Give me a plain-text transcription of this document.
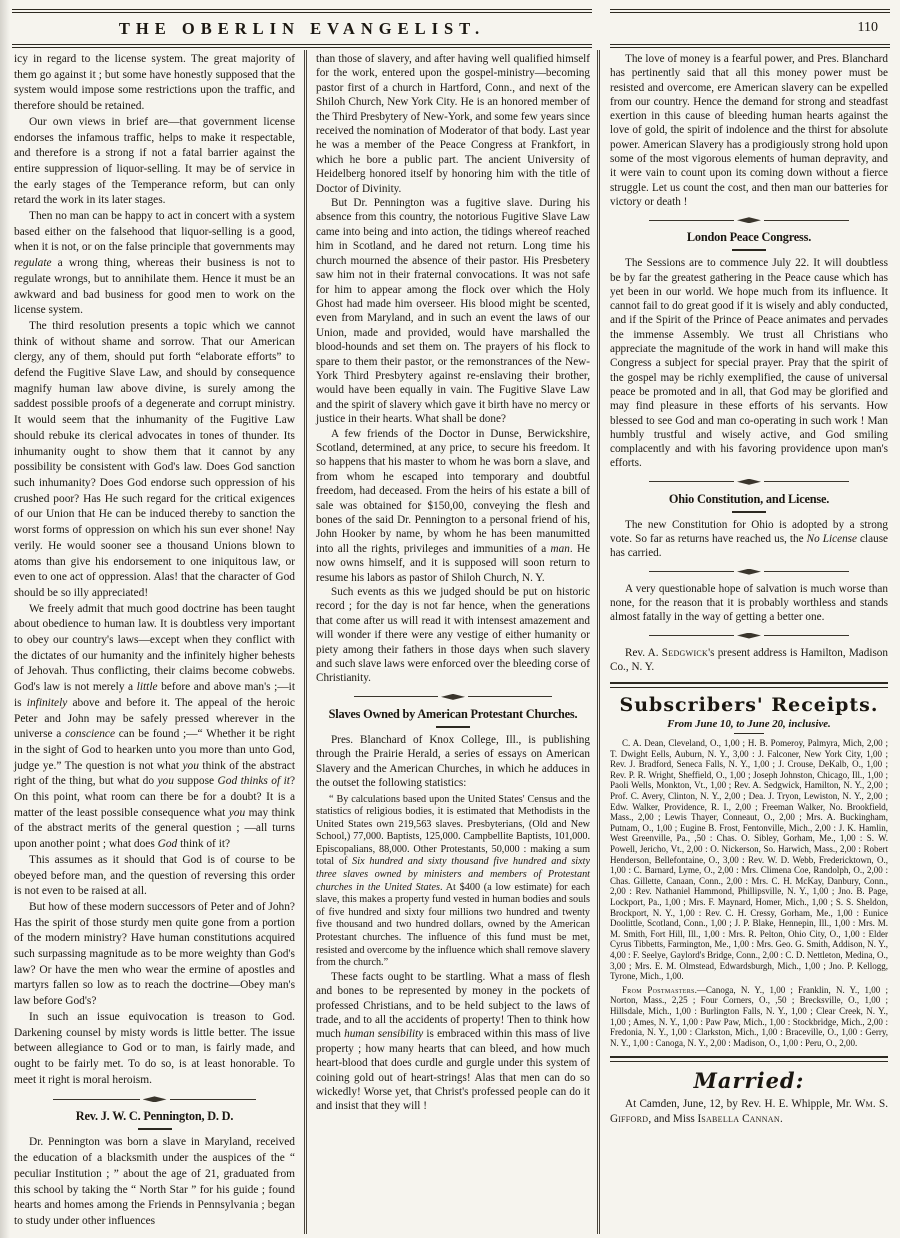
THE OBERLIN EVANGELIST.	110

icy in regard to the license system. The great majority of them go against it ; but some have honestly supposed that the system would impose some restrictions upon the traffic, and therefore should be retained.

Our own views in brief are—that government license endorses the infamous traffic, helps to make it respectable, and therefore is a strong if not a fatal barrier against the entire suppression of liquor-selling. It may be of service in the early stages of the Temperance reform, but can only retard the work in its later stages.

Then no man can be happy to act in concert with a system based either on the falsehood that liquor-selling is a good, when it is not, or on the false principle that governments may regulate a wrong thing, whereas their business is not to regulate wrongs, but to annihilate them. Hence it must be an awkward and bad business for good men to work on the license system.

The third resolution presents a topic which we cannot think of without shame and sorrow. That our American clergy, any of them, should put forth “elaborate efforts” to defend the Fugitive Slave Law, and should by consequence magnify human law above divine, is surely among the saddest possible proofs of a degenerate and corrupt ministry. It would seem that the inhumanity of the Fugitive Law should rebuke its clerical advocates in tones of thunder. Its inhumanity ought to show them that it cannot by any possibility be consistent with God's law. Does God sanction such inhumanity? Does God endorse such oppression of his crushed poor? Has He such regard for the critical exigences of our Union that He can be induced thereby to sanction the worst forms of oppression on which his sun ever shone! Nay verily. He would sooner see a thousand Unions blown to atoms than give his endorsement to one iniquitous law, or even to one act of oppression. Alas! that the character of God should be so illy appreciated!

We freely admit that much good doctrine has been taught about obedience to human law. It is doubtless very important to obey our country's laws—except when they conflict with the dictates of our humanity and the infinitely higher behests of Jehovah. Thus conflicting, their claims become cobwebs. God's law is not merely a little before and above man's ;—it is infinitely above and before it. The appeal of the heroic Peter and John may be safely pressed wherever in the universe a conscience can be found ;—“ Whether it be right in the sight of God to hearken unto you more than unto God, judge ye.” The question is not what you think of the abstract right of the thing, but what do you suppose God thinks of it? On this point, what room can there be for a doubt? It is a matter of the least possible consequence what you may think of the abstract merits of the general question ; —all turns upon another point ; what does God think of it?

This assumes as it should that God is of course to be obeyed before man, and the question of reversing this order is not even to be raised at all.

But how of these modern successors of Peter and of John? Has the spirit of those sturdy men quite gone from a portion of the modern ministry? Have human constitutions acquired such surpassing magnitude as to be more weighty than God's law? Or have the men who wear the ermine of apostles and martyrs fallen so low as to reach the doctrine—Obey man's law before God's?

In such an issue equivocation is treason to God. Darkening counsel by misty words is little better. The issue between allegiance to God or to man, is fairly made, and ought to be fairly met. To do so, is at least honorable. To meet it right is moral heroism.

Rev. J. W. C. Pennington, D. D.

Dr. Pennington was born a slave in Maryland, received the education of a blacksmith under the auspices of the “ peculiar Institution ; ” about the age of 21, graduated from this school by taking the “ North Star ” for his guide ; found hearts and homes among the Friends in Pennsylvania ; began to study under other influences

than those of slavery, and after having well qualified himself for the work, entered upon the gospel-ministry—becoming pastor first of a church in Hartford, Conn., and next of the Shiloh Church, New York City. He is an honored member of the Third Presbytery of New-York, and some few years since received the nomination of Moderator of that body. Last year he was a member of the Peace Congress at Frankfort, in which he bore a public part. The ancient University of Heidelberg honored itself by honoring him with the title of Doctor of Divinity.

But Dr. Pennington was a fugitive slave. During his absence from this country, the notorious Fugitive Slave Law came into being and into action, the tidings whereof reached him in Scotland, and he dared not return. Long time his church mourned the absence of their pastor. His Presbetery saw him not in their fraternal convocations. It was not safe for him to appear among the flock over which the Holy Ghost had made him overseer. His blood might be scented, even from Maryland, and in such an event the laws of our Union, made and provided, would have marshalled the blood-hounds and set them on. The prayers of his flock to spare to them their pastor, or the remonstrances of the New-York Third Presbytery against re-enslaving their brother, would have been equally in vain. The Fugitive Slave Law and the spirit of slavery which gave it birth have no mercy or justice in their hearts. What shall be done?

A few friends of the Doctor in Dunse, Berwickshire, Scotland, determined, at any price, to secure his freedom. It so happens that his master to whom he was born a slave, and from whom he escaped into temporary and doubtful freedom, had deceased. From the heirs of his estate a bill of sale was obtained for $150,00, conveying the flesh and bones of the said Dr. Pennington to a personal friend of his, John Hooker by name, by whom he has been manumitted into all the rights, privileges and immunities of a man. He now owns himself, and it is supposed will soon return to resume his labors as pastor of Shiloh Church, N. Y.

Such events as this we judged should be put on historic record ; for the day is not far hence, when the generations that come after us will read it with intensest amazement and will wonder if there were any vestige of either humanity or piety among their fathers in those days when such slavery and such slave laws were enforced over the bleeding corse of Christianity.

Slaves Owned by American Protestant Churches.

Pres. Blanchard of Knox College, Ill., is publishing through the Prairie Herald, a series of essays on American Slavery and the American Churches, in which he adduces in the outset the following statistics:

“ By calculations based upon the United States' Census and the statistics of religious bodies, it is estimated that Methodists in the United States own 219,563 slaves. Presbyterians, (Old and New School,) 77,000. Baptists, 125,000. Campbellite Baptists, 101,000. Episcopalians, 88,000. Other Protestants, 50,000 : making a sum total of Six hundred and sixty thousand five hundred and sixty three slaves owned by ministers and members of Protestant churches in the United States. At $400 (a low estimate) for each slave, this makes a property fund vested in human bodies and souls of five hundred and sixty four millions two hundred and twenty five thousand and two hundred dollars, owned by the American Protestant churches. The influence of this fund must be met, resisted and overcome by the influence which shall remove slavery from the church.”

These facts ought to be startling. What a mass of flesh and bones to be represented by money in the pockets of professed Christians, and to be held subject to the laws of trade, and to all the accidents of property! Then to think how much human sensibility is embraced within this mass of live property ; how many hearts that can bleed, and how much heart-blood that does curdle and gurgle under this system of coining gold out of heart-strings! Alas that men can do so wickedly! Worse yet, that Christ's professed people can do it and insist that they will !

The love of money is a fearful power, and Pres. Blanchard has pertinently said that all this money power must be resisted and overcome, ere American slavery can be expelled from our country. Hence the demand for strong and steadfast exertion in this cause of bleeding human hearts against the love of gold, the spirit of indolence and the thirst for absolute power. American Slavery has a prodigiously strong hold upon some of the most vigorous elements of human depravity, and it were vain to count upon its coming down without a fierce struggle. Let us count the cost, and then man our batteries for victory or death !

London Peace Congress.

The Sessions are to commence July 22. It will doubtless be by far the greatest gathering in the Peace cause which has yet been in our world. We hope much from its influence. It cannot fail to do great good if it is wisely and ably conducted, and if the Spirit of the Prince of Peace animates and pervades the immense Assembly. We trust all Christians who appreciate the magnitude of the work in hand will make this Congress a subject for special prayer. Pray that the spirit of the gospel may be richly exemplified, the cause of universal peace be promoted and in all, that God may be glorified and may find pleasure in these efforts of his servants. How blessed to see God and man co-operating in such work ! Man humbly trustful and wisely active, and God smiling complacently and with his favoring providence upon man's efforts.

Ohio Constitution, and License.

The new Constitution for Ohio is adopted by a strong vote. So far as returns have reached us, the No License clause has carried.

A very questionable hope of salvation is much worse than none, for the reason that it is probably worthless and stands almost fatally in the way of getting a better one.

Rev. A. Sedgwick's present address is Hamilton, Madison Co., N. Y.

Subscribers' Receipts.
From June 10, to June 20, inclusive.

C. A. Dean, Cleveland, O., 1,00 ; H. B. Pomeroy, Palmyra, Mich, 2,00 ; T. Dwight Eells, Auburn, N. Y., 3,00 : J. Falconer, New York City, 1,00 ; Rev. J. Bradford, Seneca Falls, N. Y., 1,00 ; J. Crouse, DeKalb, O., 1,00 ; Rev. P. R. Wright, Sheffield, O., 1,00 ; Joseph Johnston, Chicago, Ill., 1,00 ; Paoli Wells, Monkton, Vt., 1,00 ; Rev. A. Sedgwick, Hamilton, N. Y., 2,00 ; Prof. C. Avery, Clinton, N. Y., 2,00 ; Dea. J. Tryon, Lewiston, N. Y., 2,00 ; Edw. Walker, Providence, R. I., 2,00 ; Freeman Walker, No. Brookfield, Mass., 2,00 ; Lewis Thayer, Conneaut, O., 2,00 ; Mrs. A. Buckingham, Putnam, O., 1,00 ; Eugine B. Frost, Fentonville, Mich., 2,00 : J. K. Hamlin, West Greenville, Pa., ,50 : Chas. O. Sibley, Gorham, Me., 1,00 : S. W. Powell, Jericho, Vt., 2,00 : O. Nickerson, So. Harwich, Mass., 2,00 : Robert Henderson, Bellefontaine, O., 3,00 : Rev. W. D. Webb, Fredericktown, O., 1,00 : C. Barnard, Lyme, O., 2,00 : Mrs. Climena Coe, Randolph, O., 2,00 : Chas. Gillette, Canaan, Conn., 2,00 : Mrs. C. H. McKay, Danbury, Conn., 2,00 : Rev. Nathaniel Hammond, Phillipsville, N. Y., 1,00 ; Jno. B. Page, Lockport, Pa., 1,00 ; Mrs. F. Maynard, Homer, Mich., 1,00 ; S. S. Sheldon, Brockport, N. Y., 1,00 : Rev. C. H. Cressy, Gorham, Me., 1,00 : Eunice Doolittle, Scotland, Conn., 1,00 ; J. P. Blake, Hennepin, Ill., 1,00 : Mrs. M. M. Smith, Fort Hill, Ill., 1,00 : Mrs. R. Pelton, Ohio City, O., 1,00 : Elder Cyrus Tibbetts, Farmington, Me., 1,00 : Mrs. Geo. G. Smith, Addison, N. Y., 4,00 : F. Seelye, Gaylord's Bridge, Conn., 2,00 : C. D. Nettleton, Medina, O., 3,00 ; Mrs. E. M. Olmstead, Edwardsburgh, Mich., 1,00 ; Jno. P. Kellogg, Tyrone, Mich., 1,00.

From Postmasters.—Canoga, N. Y., 1,00 ; Franklin, N. Y., 1,00 ; Norton, Mass., 2,25 ; Four Corners, O., ,50 ; Brecksville, O., 1,00 ; Hillsdale, Mich., 1,00 : Burlington Falls, N. Y., 1,00 ; Clear Creek, N. Y., 1,00 ; Ames, N. Y., 1,00 : Paw Paw, Mich., 1,00 : Stockbridge, Mich., 2,00 : Fredonia, N. Y., 1,00 : Clarkston, Mich., 1,00 : Braceville, O., 1,00 : Gerry, N. Y., 1,00 : Canoga, N. Y., 2,00 : Madison, O., 1,00 : Peru, O., 2,00.

Married:

At Camden, June, 12, by Rev. H. E. Whipple, Mr. Wm. S. Gifford, and Miss Isabella Cannan.
